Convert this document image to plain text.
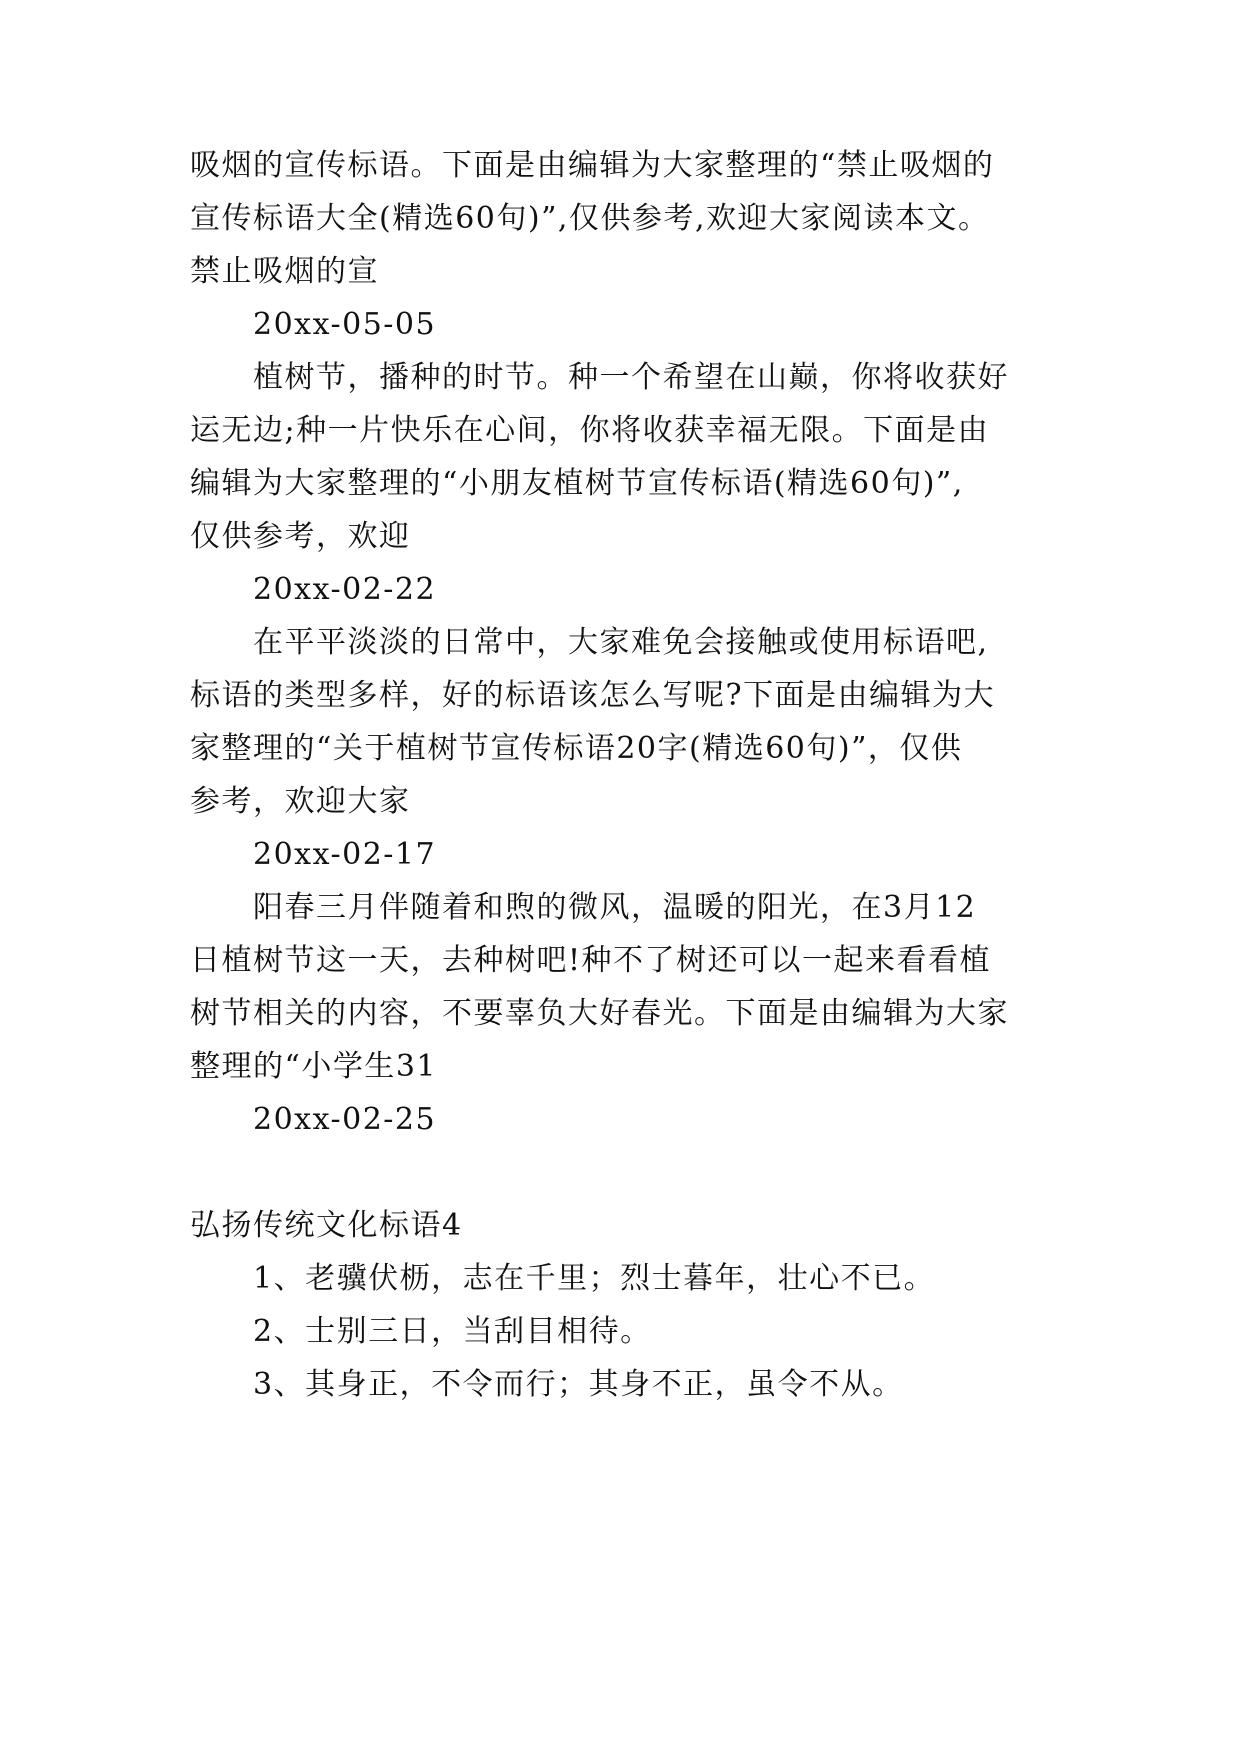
吸烟的宣传标语。下面是由编辑为大家整理的“禁止吸烟的
宣传标语大全(精选60句)”,仅供参考,欢迎大家阅读本文。
禁止吸烟的宣
20xx-05-05
植树节，播种的时节。种一个希望在山巅，你将收获好
运无边;种一片快乐在心间，你将收获幸福无限。下面是由
编辑为大家整理的“小朋友植树节宣传标语(精选60句)”,
仅供参考，欢迎
20xx-02-22
在平平淡淡的日常中，大家难免会接触或使用标语吧,
标语的类型多样，好的标语该怎么写呢?下面是由编辑为大
家整理的“关于植树节宣传标语20字(精选60句)”，仅供
参考，欢迎大家
20xx-02-17
阳春三月伴随着和煦的微风，温暖的阳光，在3月12
日植树节这一天，去种树吧!种不了树还可以一起来看看植
树节相关的内容，不要辜负大好春光。下面是由编辑为大家
整理的“小学生31
20xx-02-25
弘扬传统文化标语4
1、老骥伏枥，志在千里；烈士暮年，壮心不已。
2、士别三日，当刮目相待。
3、其身正，不令而行；其身不正，虽令不从。
